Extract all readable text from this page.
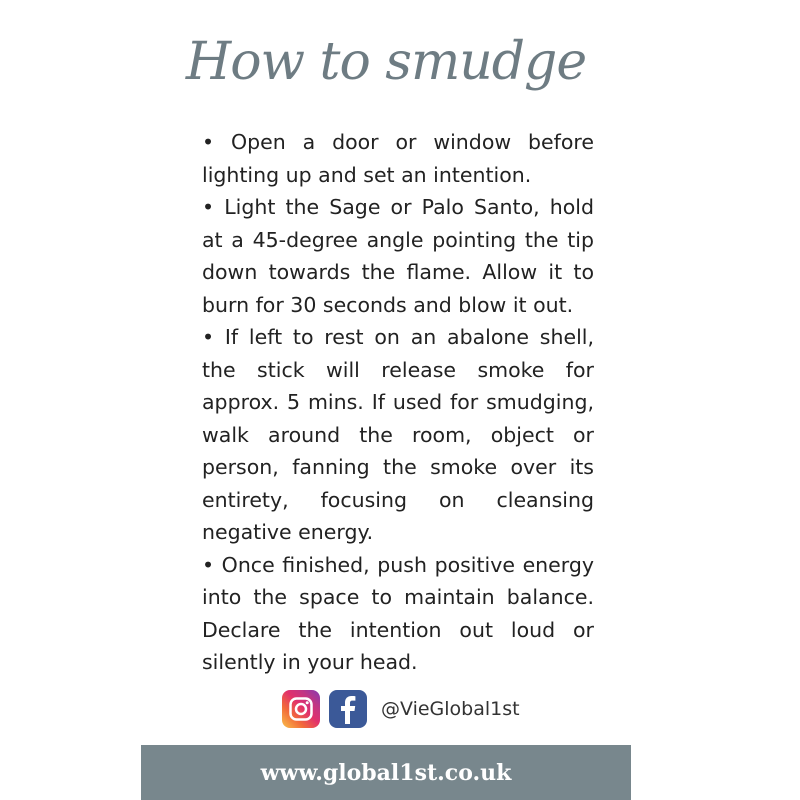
How to smudge

• Open a door or window before lighting up and set an intention.

• Light the Sage or Palo Santo, hold at a 45-degree angle pointing the tip down towards the flame. Allow it to burn for 30 seconds and blow it out.

• If left to rest on an abalone shell, the stick will release smoke for approx. 5 mins. If used for smudging, walk around the room, object or person, fanning the smoke over its entirety, focusing on cleansing negative energy.

• Once finished, push positive energy into the space to maintain balance. Declare the intention out loud or silently in your head.

@VieGlobal1st
www.global1st.co.uk
